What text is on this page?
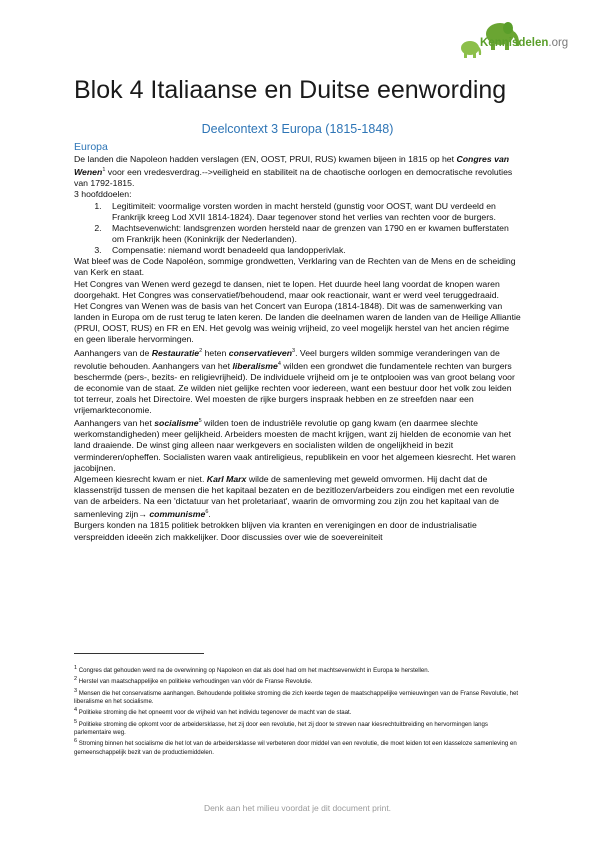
Kennisdelen.org
Blok 4 Italiaanse en Duitse eenwording
Deelcontext 3 Europa (1815-1848)
Europa

De landen die Napoleon hadden verslagen (EN, OOST, PRUI, RUS) kwamen bijeen in 1815 op het Congres van Wenen$^1$ voor een vredesverdrag.-->veiligheid en stabiliteit na de chaotische oorlogen en democratische revoluties van 1792-1815.

3 hoofddoelen:

1. Legitimiteit: voormalige vorsten worden in macht hersteld (gunstig voor OOST, want DU verdeeld en Frankrijk kreeg Lod XVII 1814-1824). Daar tegenover stond het verlies van rechten voor de burgers.
2. Machtsevenwicht: landsgrenzen worden hersteld naar de grenzen van 1790 en er kwamen bufferstaten om Frankrijk heen (Koninkrijk der Nederlanden).
3. Compensatie: niemand wordt benadeeld qua landopperivlak.

Wat bleef was de Code Napoléon, sommige grondwetten, Verklaring van de Rechten van de Mens en de scheiding van Kerk en staat.

Het Congres van Wenen werd gezegd te dansen, niet te lopen. Het duurde heel lang voordat de knopen waren doorgehakt. Het Congres was conservatief/behoudend, maar ook reactionair, want er werd veel teruggedraaid.

Het Congres van Wenen was de basis van het Concert van Europa (1814-1848). Dit was de samenwerking van landen in Europa om de rust terug te laten keren. De landen die deelnamen waren de landen van de Heilige Alliantie (PRUI, OOST, RUS) en FR en EN. Het gevolg was weinig vrijheid, zo veel mogelijk herstel van het ancien régime en geen liberale hervormingen.

Aanhangers van de Restauratie$^2$ heten conservatieven$^3$. Veel burgers wilden sommige veranderingen van de revolutie behouden. Aanhangers van het liberalisme$^4$ wilden een grondwet die fundamentele rechten van burgers beschermde (pers-, bezits- en religievrijheid). De individuele vrijheid om je te ontplooien was van groot belang voor de economie van de staat. Ze wilden niet gelijke rechten voor iedereen, want een bestuur door het volk zou leiden tot terreur, zoals het Directoire. Wel moesten de rijke burgers inspraak hebben en ze streefden naar een vrijemarkteconomie.

Aanhangers van het socialisme$^5$ wilden toen de industriële revolutie op gang kwam (en daarmee slechte werkomstandigheden) meer gelijkheid. Arbeiders moesten de macht krijgen, want zij hielden de economie van het land draaiende. De winst ging alleen naar werkgevers en socialisten wilden de ongelijkheid in bezit verminderen/opheffen. Socialisten waren vaak antireligieus, republikein en voor het algemeen kiesrecht. Het waren jacobijnen.

Algemeen kiesrecht kwam er niet. Karl Marx wilde de samenleving met geweld omvormen. Hij dacht dat de klassenstrijd tussen de mensen die het kapitaal bezaten en de bezitlozen/arbeiders zou eindigen met een revolutie van de arbeiders. Na een 'dictatuur van het proletariaat', waarin de omvorming zou zijn zou het kapitaal van de samenleving zijn→ communisme$^6$.

Burgers konden na 1815 politiek betrokken blijven via kranten en verenigingen en door de industrialisatie verspreidden ideeën zich makkelijker. Door discussies over wie de soevereiniteit

$^1$ Congres dat gehouden werd na de overwinning op Napoleon en dat als doel had om het machtsevenwicht in Europa te herstellen.

$^2$ Herstel van maatschappelijke en politieke verhoudingen van vóór de Franse Revolutie.

$^3$ Mensen die het conservatisme aanhangen. Behoudende politieke stroming die zich keerde tegen de maatschappelijke vernieuwingen van de Franse Revolutie, het liberalisme en het socialisme.

$^4$ Politieke stroming die het opneemt voor de vrijheid van het individu tegenover de macht van de staat.

$^5$ Politieke stroming die opkomt voor de arbeidersklasse, het zij door een revolutie, het zij door te streven naar kiesrechtuitbreiding en hervormingen langs parlementaire weg.

$^6$ Stroming binnen het socialisme die het lot van de arbeidersklasse wil verbeteren door middel van een revolutie, die moet leiden tot een klasseloze samenleving en gemeenschappelijk bezit van de productiemiddelen.

Denk aan het milieu voordat je dit document print.
